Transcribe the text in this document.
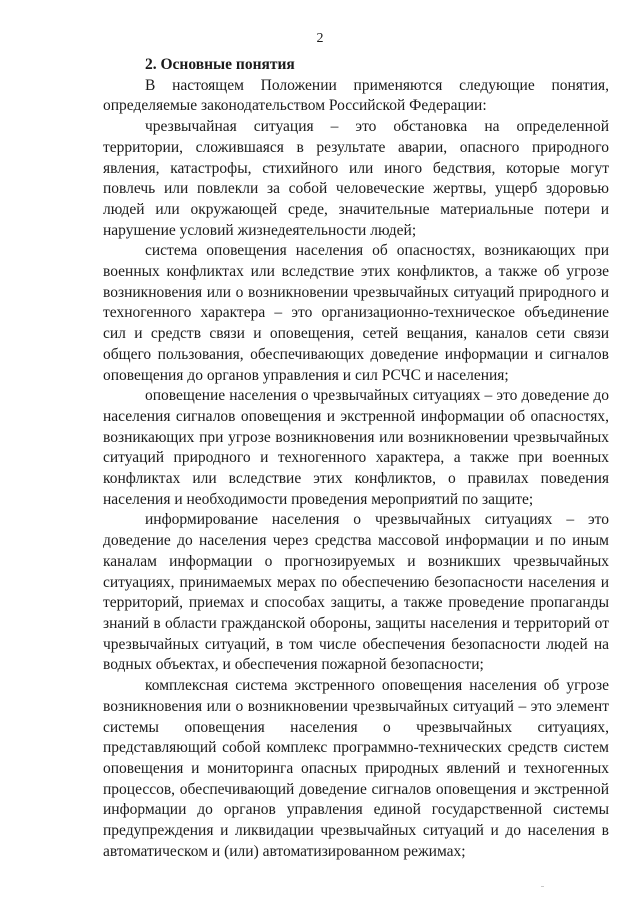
2

2. Основные понятия

В настоящем Положении применяются следующие понятия, определяемые законодательством Российской Федерации:

чрезвычайная ситуация – это обстановка на определенной территории, сложившаяся в результате аварии, опасного природного явления, катастрофы, стихийного или иного бедствия, которые могут повлечь или повлекли за собой человеческие жертвы, ущерб здоровью людей или окружающей среде, значительные материальные потери и нарушение условий жизнедеятельности людей;

система оповещения населения об опасностях, возникающих при военных конфликтах или вследствие этих конфликтов, а также об угрозе возникновения или о возникновении чрезвычайных ситуаций природного и техногенного характера – это организационно-техническое объединение сил и средств связи и оповещения, сетей вещания, каналов сети связи общего пользования, обеспечивающих доведение информации и сигналов оповещения до органов управления и сил РСЧС и населения;

оповещение населения о чрезвычайных ситуациях – это доведение до населения сигналов оповещения и экстренной информации об опасностях, возникающих при угрозе возникновения или возникновении чрезвычайных ситуаций природного и техногенного характера, а также при военных конфликтах или вследствие этих конфликтов, о правилах поведения населения и необходимости проведения мероприятий по защите;

информирование населения о чрезвычайных ситуациях – это доведение до населения через средства массовой информации и по иным каналам информации о прогнозируемых и возникших чрезвычайных ситуациях, принимаемых мерах по обеспечению безопасности населения и территорий, приемах и способах защиты, а также проведение пропаганды знаний в области гражданской обороны, защиты населения и территорий от чрезвычайных ситуаций, в том числе обеспечения безопасности людей на водных объектах, и обеспечения пожарной безопасности;

комплексная система экстренного оповещения населения об угрозе возникновения или о возникновении чрезвычайных ситуаций – это элемент системы оповещения населения о чрезвычайных ситуациях, представляющий собой комплекс программно-технических средств систем оповещения и мониторинга опасных природных явлений и техногенных процессов, обеспечивающий доведение сигналов оповещения и экстренной информации до органов управления единой государственной системы предупреждения и ликвидации чрезвычайных ситуаций и до населения в автоматическом и (или) автоматизированном режимах;
